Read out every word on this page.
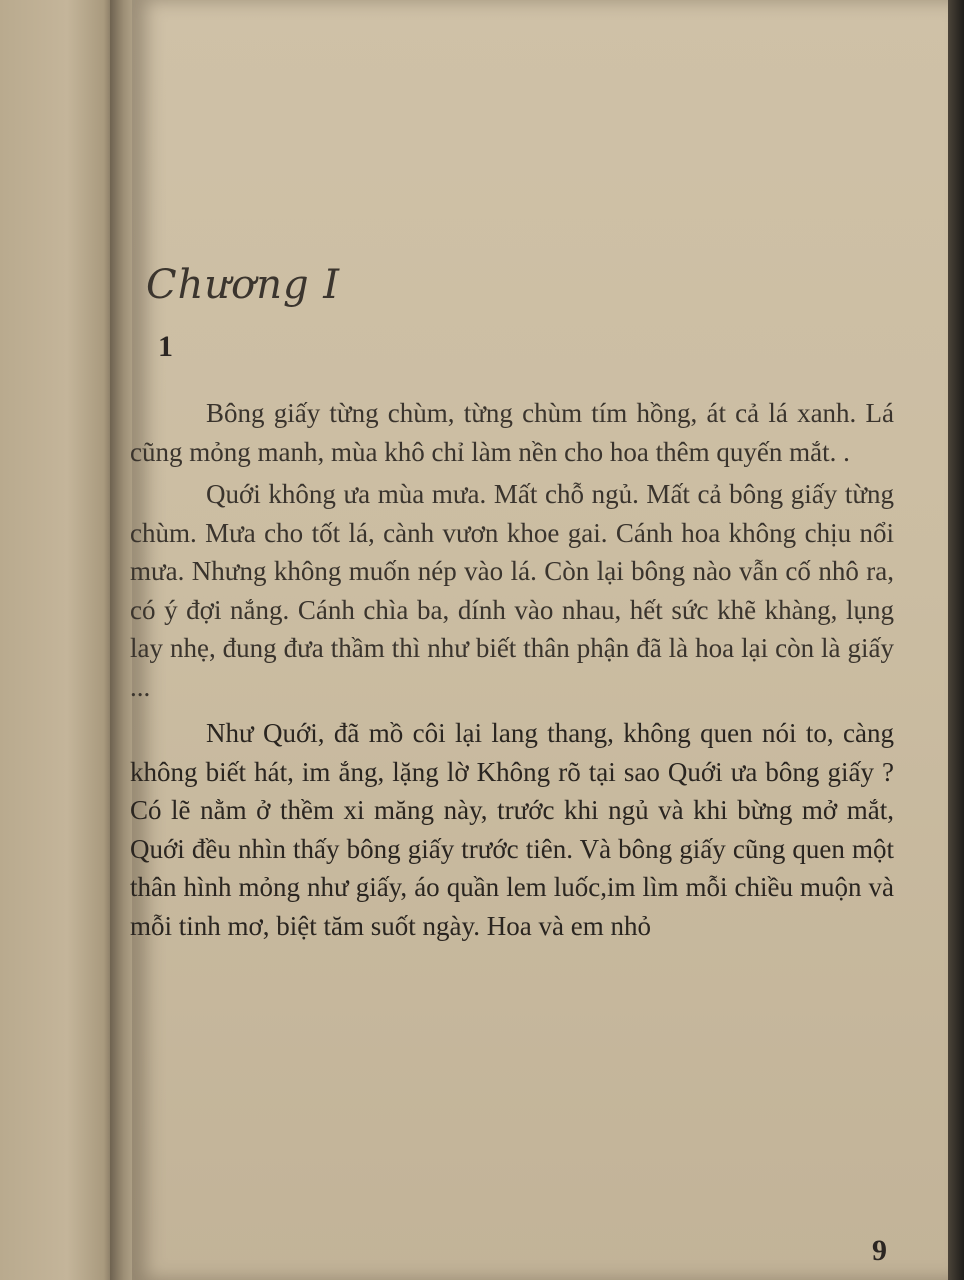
Chương I
1

Bông giấy từng chùm, từng chùm tím hồng, át cả lá xanh. Lá cũng mỏng manh, mùa khô chỉ làm nền cho hoa thêm quyến mắt. .

Quới không ưa mùa mưa. Mất chỗ ngủ. Mất cả bông giấy từng chùm. Mưa cho tốt lá, cành vươn khoe gai. Cánh hoa không chịu nổi mưa. Nhưng không muốn nép vào lá. Còn lại bông nào vẫn cố nhô ra, có ý đợi nắng. Cánh chìa ba, dính vào nhau, hết sức khẽ khàng, lụng lay nhẹ, đung đưa thầm thì như biết thân phận đã là hoa lại còn là giấy ...

Như Quới, đã mồ côi lại lang thang, không quen nói to, càng không biết hát, im ắng, lặng lờ Không rõ tại sao Quới ưa bông giấy ? Có lẽ nằm ở thềm xi măng này, trước khi ngủ và khi bừng mở mắt, Quới đều nhìn thấy bông giấy trước tiên. Và bông giấy cũng quen một thân hình mỏng như giấy, áo quần lem luốc,im lìm mỗi chiều muộn và mỗi tinh mơ, biệt tăm suốt ngày. Hoa và em nhỏ

9
